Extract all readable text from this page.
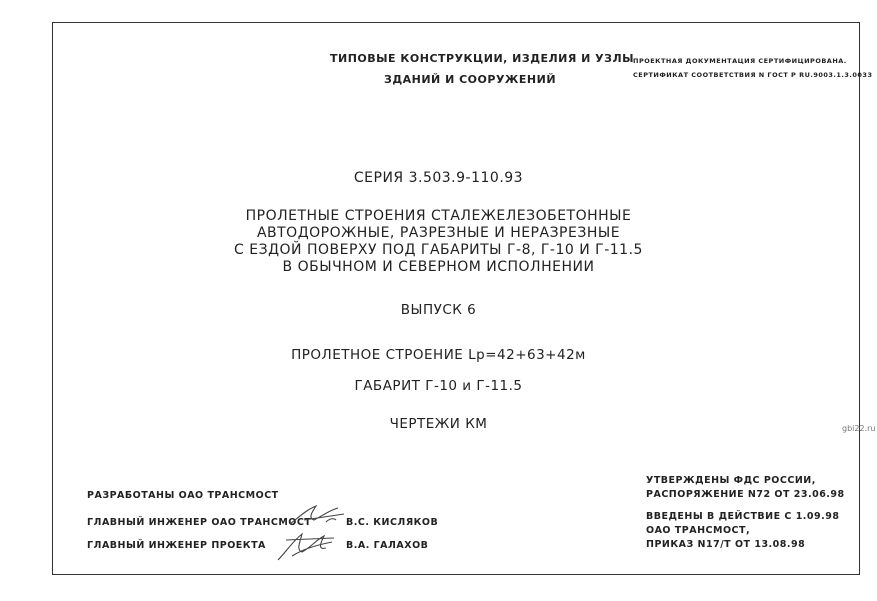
ТИПОВЫЕ КОНСТРУКЦИИ, ИЗДЕЛИЯ И УЗЛЫ
ЗДАНИЙ И СООРУЖЕНИЙ
ПРОЕКТНАЯ ДОКУМЕНТАЦИЯ СЕРТИФИЦИРОВАНА.
СЕРТИФИКАТ СООТВЕТСТВИЯ N ГОСТ Р RU.9003.1.3.0033
СЕРИЯ 3.503.9-110.93
ПРОЛЕТНЫЕ СТРОЕНИЯ СТАЛЕЖЕЛЕЗОБЕТОННЫЕ
АВТОДОРОЖНЫЕ, РАЗРЕЗНЫЕ И НЕРАЗРЕЗНЫЕ
С ЕЗДОЙ ПОВЕРХУ ПОД ГАБАРИТЫ Г-8, Г-10 И Г-11.5
В ОБЫЧНОМ И СЕВЕРНОМ ИСПОЛНЕНИИ
ВЫПУСК 6
ПРОЛЕТНОЕ СТРОЕНИЕ Lр=42+63+42м
ГАБАРИТ Г-10 и Г-11.5
ЧЕРТЕЖИ КМ
РАЗРАБОТАНЫ ОАО ТРАНСМОСТ
ГЛАВНЫЙ ИНЖЕНЕР ОАО ТРАНСМОСТ	В.С. КИСЛЯКОВ
ГЛАВНЫЙ ИНЖЕНЕР ПРОЕКТА	В.А. ГАЛАХОВ
УТВЕРЖДЕНЫ ФДС РОССИИ,
РАСПОРЯЖЕНИЕ N72 ОТ 23.06.98
ВВЕДЕНЫ В ДЕЙСТВИЕ С 1.09.98
ОАО ТРАНСМОСТ,
ПРИКАЗ N17/Т ОТ 13.08.98
gbi22.ru
